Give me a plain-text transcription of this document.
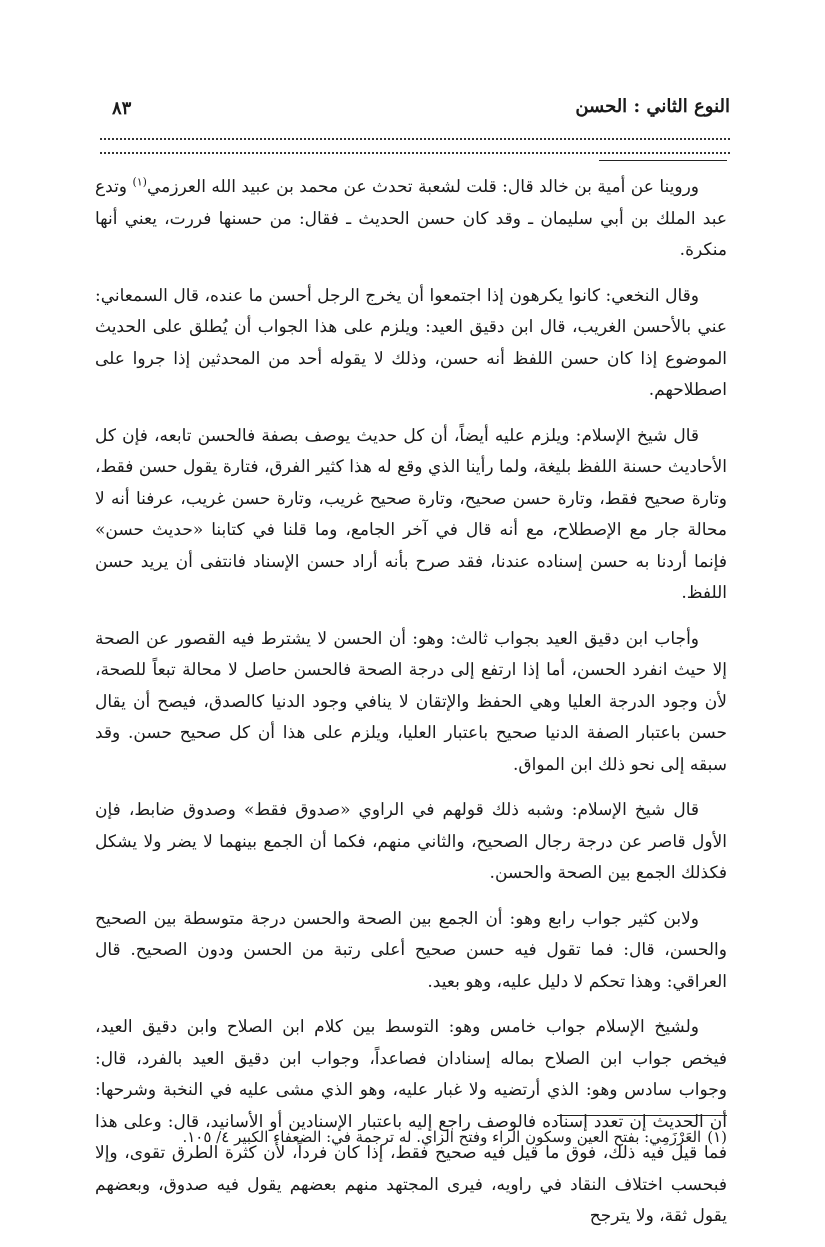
النوع الثاني : الحسن
٨٣

وروينا عن أمية بن خالد قال: قلت لشعبة تحدث عن محمد بن عبيد الله العرزمي$^{(١)}$ وتدع عبد الملك بن أبي سليمان ـ وقد كان حسن الحديث ـ فقال: من حسنها فررت، يعني أنها منكرة.

وقال النخعي: كانوا يكرهون إذا اجتمعوا أن يخرج الرجل أحسن ما عنده، قال السمعاني: عني بالأحسن الغريب، قال ابن دقيق العيد: ويلزم على هذا الجواب أن يُطلق على الحديث الموضوع إذا كان حسن اللفظ أنه حسن، وذلك لا يقوله أحد من المحدثين إذا جروا على اصطلاحهم.

قال شيخ الإسلام: ويلزم عليه أيضاً، أن كل حديث يوصف بصفة فالحسن تابعه، فإن كل الأحاديث حسنة اللفظ بليغة، ولما رأينا الذي وقع له هذا كثير الفرق، فتارة يقول حسن فقط، وتارة صحيح فقط، وتارة حسن صحيح، وتارة صحيح غريب، وتارة حسن غريب، عرفنا أنه لا محالة جار مع الإصطلاح، مع أنه قال في آخر الجامع، وما قلنا في كتابنا «حديث حسن» فإنما أردنا به حسن إسناده عندنا، فقد صرح بأنه أراد حسن الإسناد فانتفى أن يريد حسن اللفظ.

وأجاب ابن دقيق العيد بجواب ثالث: وهو: أن الحسن لا يشترط فيه القصور عن الصحة إلا حيث انفرد الحسن، أما إذا ارتفع إلى درجة الصحة فالحسن حاصل لا محالة تبعاً للصحة، لأن وجود الدرجة العليا وهي الحفظ والإتقان لا ينافي وجود الدنيا كالصدق، فيصح أن يقال حسن باعتبار الصفة الدنيا صحيح باعتبار العليا، ويلزم على هذا أن كل صحيح حسن. وقد سبقه إلى نحو ذلك ابن المواق.

قال شيخ الإسلام: وشبه ذلك قولهم في الراوي «صدوق فقط» وصدوق ضابط، فإن الأول قاصر عن درجة رجال الصحيح، والثاني منهم، فكما أن الجمع بينهما لا يضر ولا يشكل فكذلك الجمع بين الصحة والحسن.

ولابن كثير جواب رابع وهو: أن الجمع بين الصحة والحسن درجة متوسطة بين الصحيح والحسن، قال: فما تقول فيه حسن صحيح أعلى رتبة من الحسن ودون الصحيح. قال العراقي: وهذا تحكم لا دليل عليه، وهو بعيد.

ولشيخ الإسلام جواب خامس وهو: التوسط بين كلام ابن الصلاح وابن دقيق العيد، فيخص جواب ابن الصلاح بماله إسنادان فصاعداً، وجواب ابن دقيق العيد بالفرد، قال: وجواب سادس وهو: الذي أرتضيه ولا غبار عليه، وهو الذي مشى عليه في النخبة وشرحها: أن الحديث إن تعدد إسناده فالوصف راجع إليه باعتبار الإسنادين أو الأسانيد، قال: وعلى هذا فما قيل فيه ذلك، فوق ما قيل فيه صحيح فقط، إذا كان فرداً، لأن كثرة الطرق تقوى، وإلا فبحسب اختلاف النقاد في راويه، فيرى المجتهد منهم بعضهم يقول فيه صدوق، وبعضهم يقول ثقة، ولا يترجح

(١)العَرْزَمِي: بفتح العين وسكون الراء وفتح الزاي. له ترجمة في: الضعفاء الكبير ٤/ ١٠٥.
